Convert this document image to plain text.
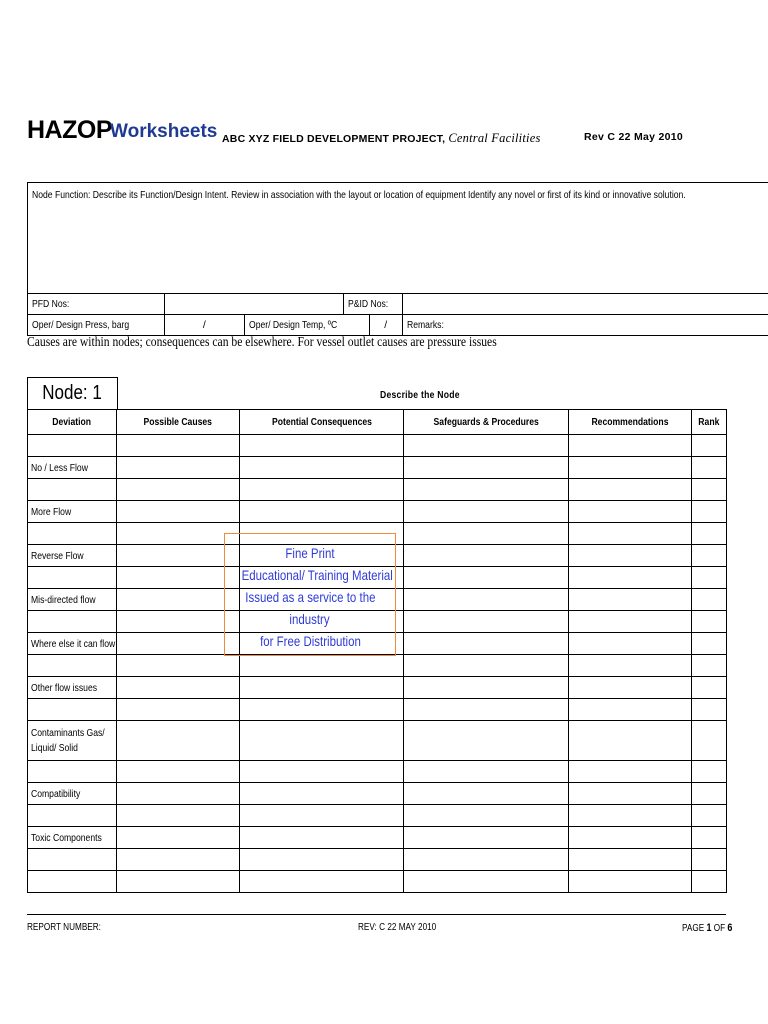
HAZOP
Worksheets ABC XYZ FIELD DEVELOPMENT PROJECT, Central Facilities	Rev C 22 May 2010
Node Function: Describe its Function/Design Intent. Review in association with the layout or location of equipment Identify any novel or first of its kind or innovative solution.				
PFD Nos:	P&ID Nos:			

Oper/ Design Press, barg	/	Oper/ Design Temp, ºC	/	Remarks:
Causes are within nodes; consequences can be elsewhere. For vessel outlet causes are pressure issues
Node: 1	Describe the Node
Deviation	Possible Causes	Potential Consequences	Safeguards & Procedures	Recommendations	Rank

No / Less Flow					

More Flow					

Reverse Flow					

Mis-directed flow					

Where else it can flow					

Other flow issues					

Contaminants Gas/ Liquid/ Solid					

Compatibility					

Toxic Components					

Fine Print
Educational/ Training Material
Issued as a service to the
industry
for Free Distribution
REPORT NUMBER:	REV: C 22 MAY 2010	PAGE 1 OF 6
